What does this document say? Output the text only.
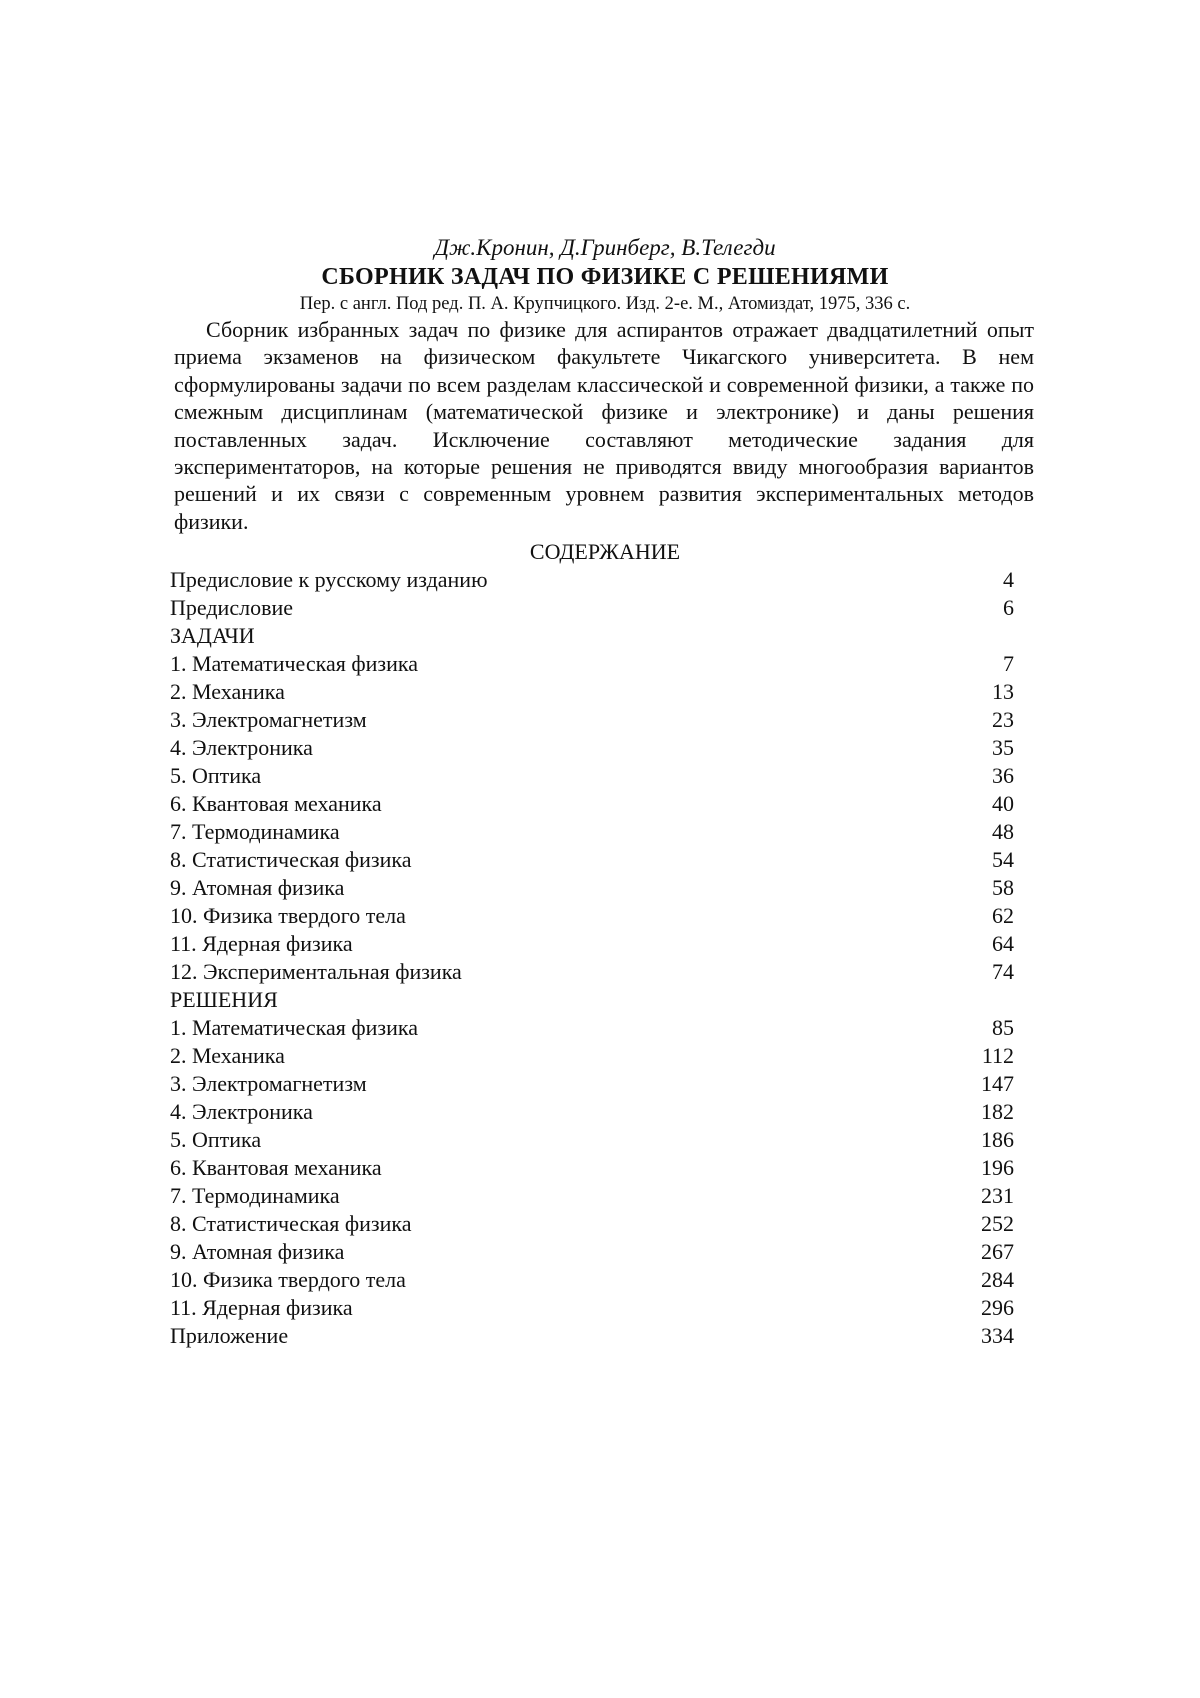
Дж.Кронин, Д.Гринберг, В.Телегди
СБОРНИК ЗАДАЧ ПО ФИЗИКЕ С РЕШЕНИЯМИ
Пер. с англ. Под ред. П. А. Крупчицкого. Изд. 2-е. М., Атомиздат, 1975, 336 с.

Сборник избранных задач по физике для аспирантов отражает двадцатилетний опыт приема экзаменов на физическом факультете Чикагского университета. В нем сформулированы задачи по всем разделам классической и современной физики, а также по смежным дисциплинам (математической физике и электронике) и даны решения поставленных задач. Исключение составляют методические задания для экспериментаторов, на которые решения не приводятся ввиду многообразия вариантов решений и их связи с современным уровнем развития экспериментальных методов физики.

СОДЕРЖАНИЕ
Предисловие к русскому изданию	4
Предисловие	6
ЗАДАЧИ
1. Математическая физика	7
2. Механика	13
3. Электромагнетизм	23
4. Электроника	35
5. Оптика	36
6. Квантовая механика	40
7. Термодинамика	48
8. Статистическая физика	54
9. Атомная физика	58
10. Физика твердого тела	62
11. Ядерная физика	64
12. Экспериментальная физика	74
РЕШЕНИЯ
1. Математическая физика	85
2. Механика	112
3. Электромагнетизм	147
4. Электроника	182
5. Оптика	186
6. Квантовая механика	196
7. Термодинамика	231
8. Статистическая физика	252
9. Атомная физика	267
10. Физика твердого тела	284
11. Ядерная физика	296
Приложение	334
